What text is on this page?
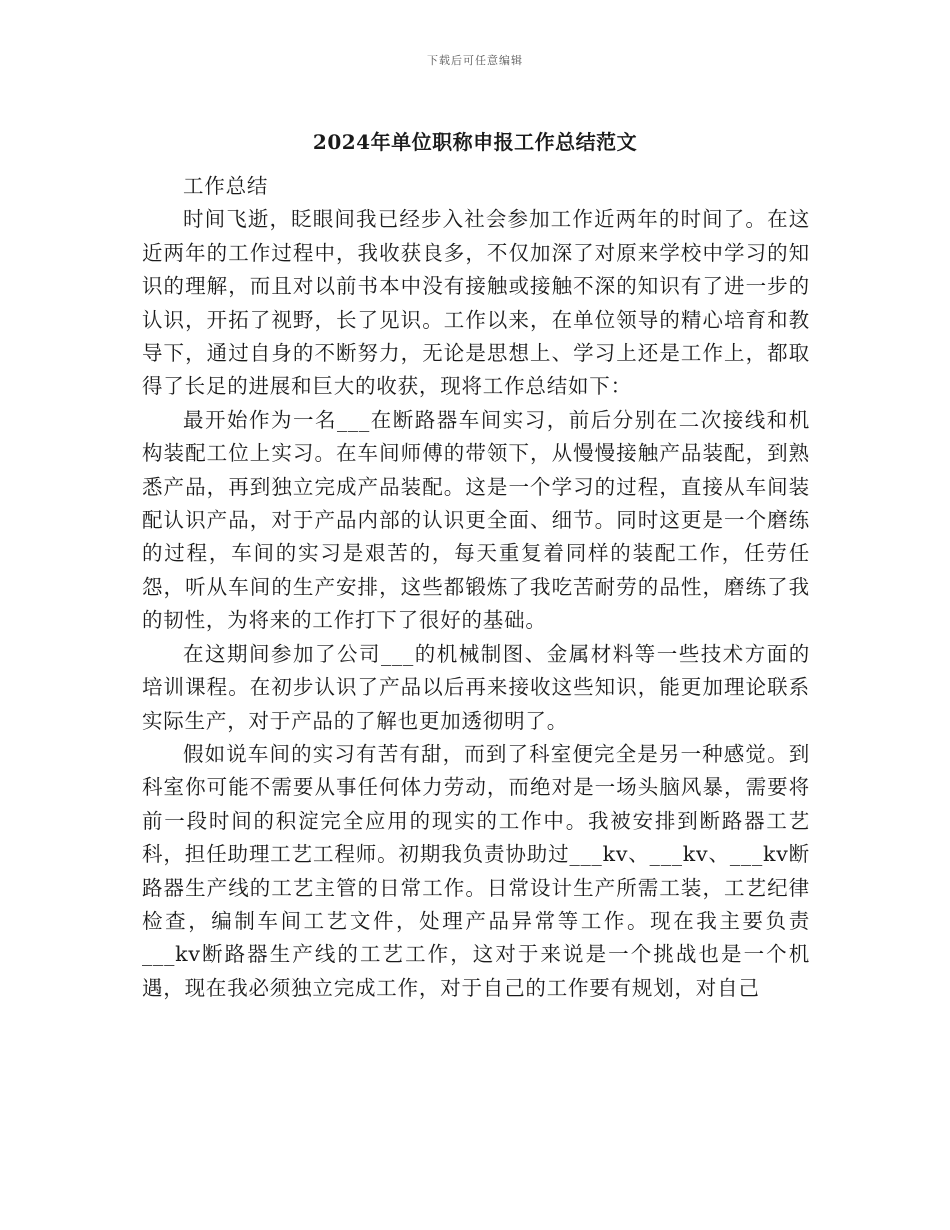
下载后可任意编辑
2024年单位职称申报工作总结范文

工作总结

时间飞逝，眨眼间我已经步入社会参加工作近两年的时间了。在这近两年的工作过程中，我收获良多，不仅加深了对原来学校中学习的知识的理解，而且对以前书本中没有接触或接触不深的知识有了进一步的认识，开拓了视野，长了见识。工作以来，在单位领导的精心培育和教导下，通过自身的不断努力，无论是思想上、学习上还是工作上，都取得了长足的进展和巨大的收获，现将工作总结如下：

最开始作为一名___在断路器车间实习，前后分别在二次接线和机构装配工位上实习。在车间师傅的带领下，从慢慢接触产品装配，到熟悉产品，再到独立完成产品装配。这是一个学习的过程，直接从车间装配认识产品，对于产品内部的认识更全面、细节。同时这更是一个磨练的过程，车间的实习是艰苦的，每天重复着同样的装配工作，任劳任怨，听从车间的生产安排，这些都锻炼了我吃苦耐劳的品性，磨练了我的韧性，为将来的工作打下了很好的基础。

在这期间参加了公司___的机械制图、金属材料等一些技术方面的培训课程。在初步认识了产品以后再来接收这些知识，能更加理论联系实际生产，对于产品的了解也更加透彻明了。

假如说车间的实习有苦有甜，而到了科室便完全是另一种感觉。到科室你可能不需要从事任何体力劳动，而绝对是一场头脑风暴，需要将前一段时间的积淀完全应用的现实的工作中。我被安排到断路器工艺科，担任助理工艺工程师。初期我负责协助过___kv、___kv、___kv断路器生产线的工艺主管的日常工作。日常设计生产所需工装，工艺纪律检查，编制车间工艺文件，处理产品异常等工作。现在我主要负责___kv断路器生产线的工艺工作，这对于来说是一个挑战也是一个机遇，现在我必须独立完成工作，对于自己的工作要有规划，对自己
